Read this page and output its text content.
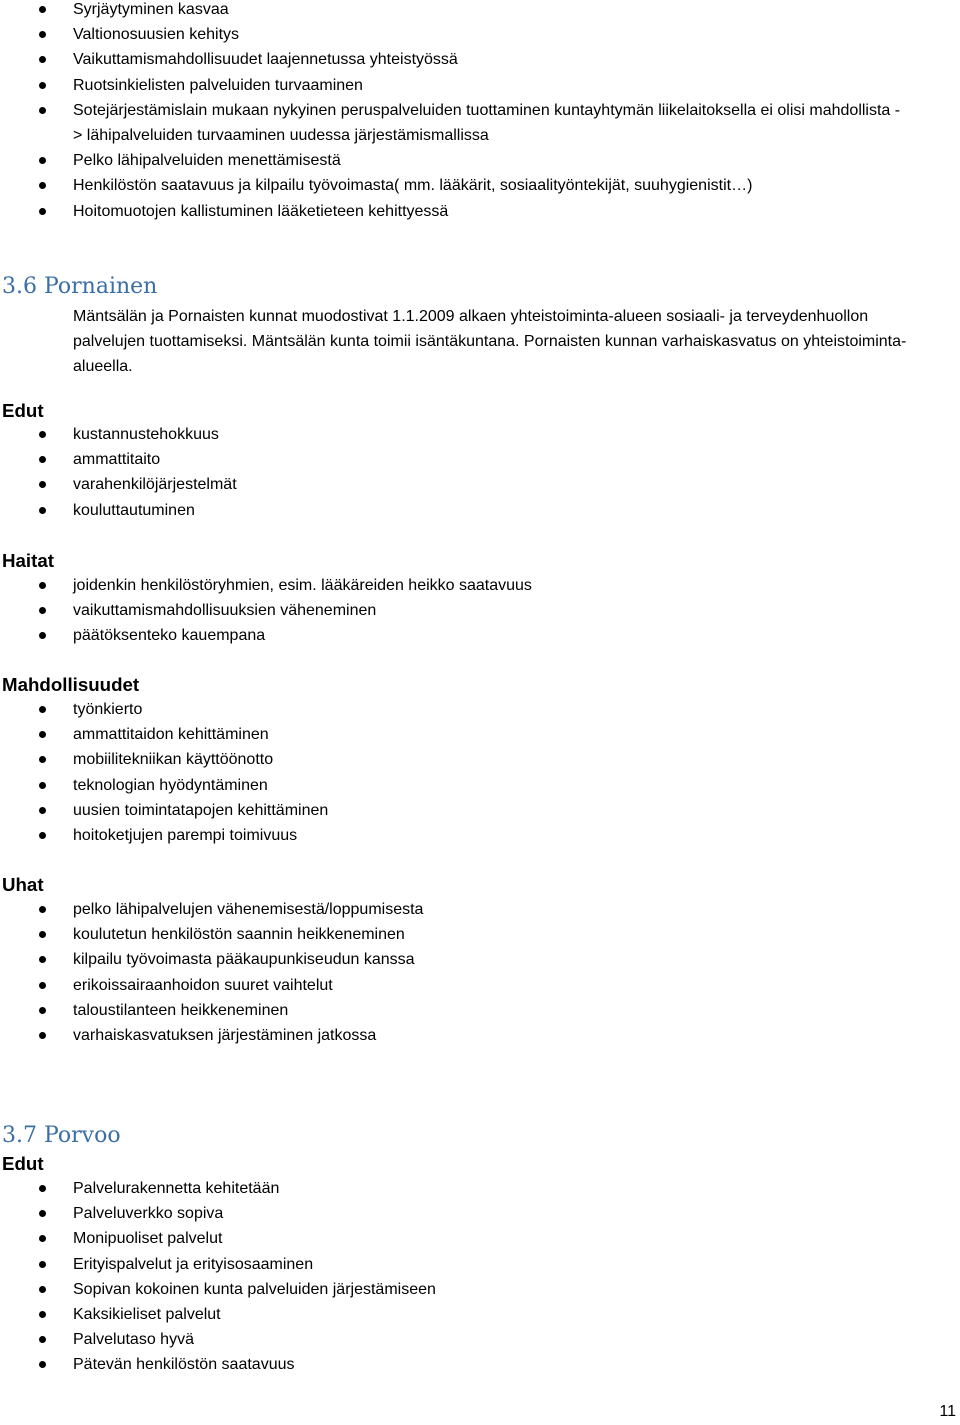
Syrjäytyminen kasvaa
Valtionosuusien kehitys
Vaikuttamismahdollisuudet laajennetussa yhteistyössä
Ruotsinkielisten palveluiden turvaaminen
Sotejärjestämislain mukaan nykyinen peruspalveluiden tuottaminen kuntayhtymän liikelaitoksella ei olisi mahdollista - > lähipalveluiden turvaaminen uudessa järjestämismallissa
Pelko lähipalveluiden menettämisestä
Henkilöstön saatavuus ja kilpailu työvoimasta( mm. lääkärit, sosiaalityöntekijät, suuhygienistit…)
Hoitomuotojen kallistuminen lääketieteen kehittyessä
3.6 Pornainen

Mäntsälän ja Pornaisten kunnat muodostivat 1.1.2009 alkaen yhteistoiminta-alueen sosiaali- ja terveydenhuollon palvelujen tuottamiseksi. Mäntsälän kunta toimii isäntäkuntana. Pornaisten kunnan varhaiskasvatus on yhteistoiminta-alueella.

Edut
kustannustehokkuus
ammattitaito
varahenkilöjärjestelmät
kouluttautuminen
Haitat
joidenkin henkilöstöryhmien, esim. lääkäreiden heikko saatavuus
vaikuttamismahdollisuuksien väheneminen
päätöksenteko kauempana
Mahdollisuudet
työnkierto
ammattitaidon kehittäminen
mobiilitekniikan käyttöönotto
teknologian hyödyntäminen
uusien toimintatapojen kehittäminen
hoitoketjujen parempi toimivuus
Uhat
pelko lähipalvelujen vähenemisestä/loppumisesta
koulutetun henkilöstön saannin heikkeneminen
kilpailu työvoimasta pääkaupunkiseudun kanssa
erikoissairaanhoidon suuret vaihtelut
taloustilanteen heikkeneminen
varhaiskasvatuksen järjestäminen jatkossa
3.7 Porvoo
Edut
Palvelurakennetta kehitetään
Palveluverkko sopiva
Monipuoliset palvelut
Erityispalvelut ja erityisosaaminen
Sopivan kokoinen kunta palveluiden järjestämiseen
Kaksikieliset palvelut
Palvelutaso hyvä
Pätevän henkilöstön saatavuus
11
